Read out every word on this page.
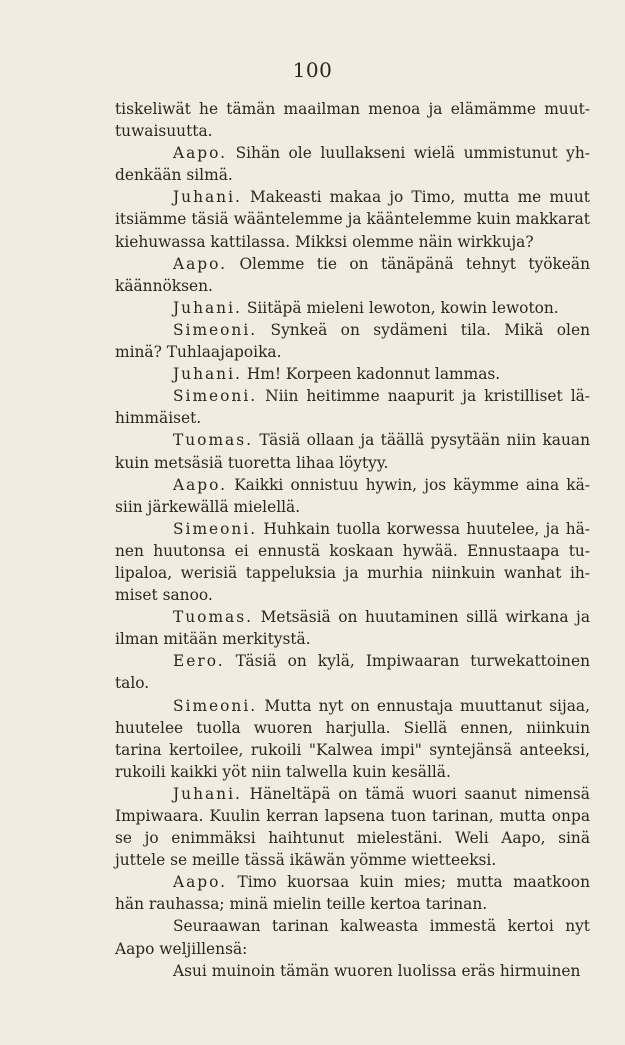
100

tiskeliwät he tämän maailman menoa ja elämämme muuttuwaisuutta.

Aapo. Sihän ole luullakseni wielä ummistunut yhdenkään silmä.

Juhani. Makeasti makaa jo Timo, mutta me muut itsiämme täsiä wääntelemme ja kääntelemme kuin makkarat kiehuwassa kattilassa. Mikksi olemme näin wirkkuja?

Aapo. Olemme tie on tänäpänä tehnyt työkeän käännöksen.

Juhani. Siitäpä mieleni lewoton, kowin lewoton.

Simeoni. Synkeä on sydämeni tila. Mikä olen minä? Tuhlaajapoika.

Juhani. Hm! Korpeen kadonnut lammas.

Simeoni. Niin heitimme naapurit ja kristilliset lähimmäiset.

Tuomas. Täsiä ollaan ja täällä pysytään niin kauan kuin metsäsiä tuoretta lihaa löytyy.

Aapo. Kaikki onnistuu hywin, jos käymme aina käsiin järkewällä mielellä.

Simeoni. Huhkain tuolla korwessa huutelee, ja hänen huutonsa ei ennustä koskaan hywää. Ennustaapa tulipaloa, werisiä tappeluksia ja murhia niinkuin wanhat ihmiset sanoo.

Tuomas. Metsäsiä on huutaminen sillä wirkana ja ilman mitään merkitystä.

Eero. Täsiä on kylä, Impiwaaran turwekattoinen talo.

Simeoni. Mutta nyt on ennustaja muuttanut sijaa, huutelee tuolla wuoren harjulla. Siellä ennen, niinkuin tarina kertoilee, rukoili "Kalwea impi" syntejänsä anteeksi, rukoili kaikki yöt niin talwella kuin kesällä.

Juhani. Häneltäpä on tämä wuori saanut nimensä Impiwaara. Kuulin kerran lapsena tuon tarinan, mutta onpa se jo enimmäksi haihtunut mielestäni. Weli Aapo, sinä juttele se meille tässä ikäwän yömme wietteeksi.

Aapo. Timo kuorsaa kuin mies; mutta maatkoon hän rauhassa; minä mielin teille kertoa tarinan.

Seuraawan tarinan kalweasta immestä kertoi nyt Aapo weljillensä:

Asui muinoin tämän wuoren luolissa eräs hirmuinen
